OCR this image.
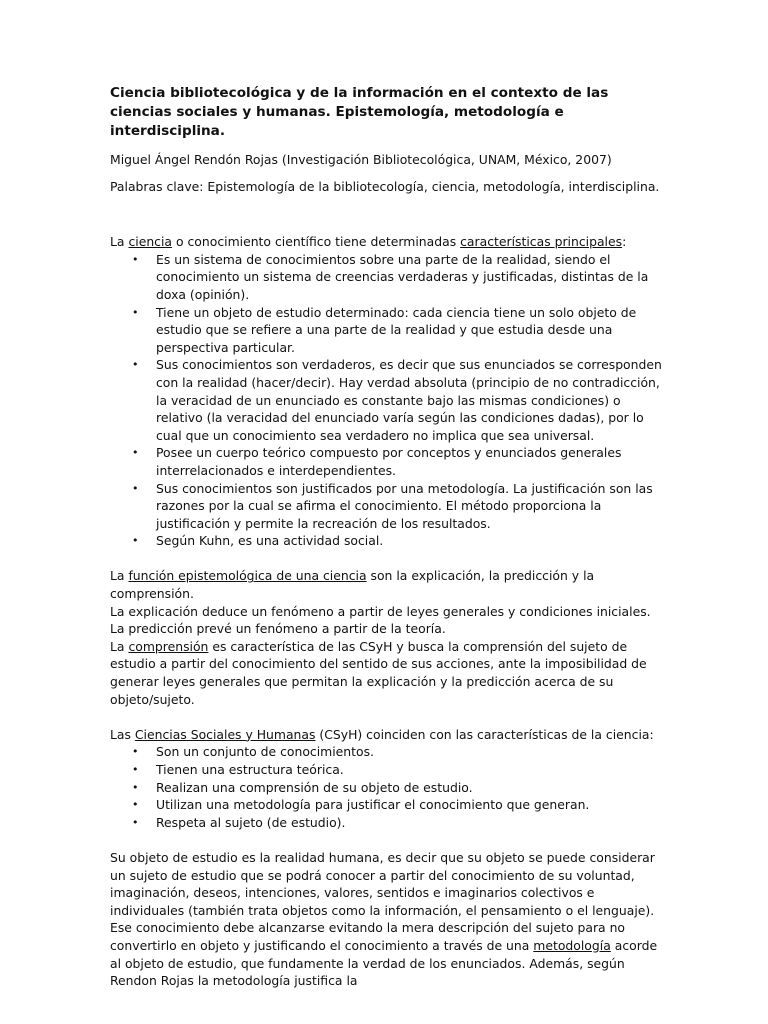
Ciencia bibliotecológica y de la información en el contexto de las ciencias sociales y humanas. Epistemología, metodología e interdisciplina.

Miguel Ángel Rendón Rojas (Investigación Bibliotecológica, UNAM, México, 2007)

Palabras clave: Epistemología de la bibliotecología, ciencia, metodología, interdisciplina.

La ciencia o conocimiento científico tiene determinadas características principales:

• Es un sistema de conocimientos sobre una parte de la realidad, siendo el conocimiento un sistema de creencias verdaderas y justificadas, distintas de la doxa (opinión).
• Tiene un objeto de estudio determinado: cada ciencia tiene un solo objeto de estudio que se refiere a una parte de la realidad y que estudia desde una perspectiva particular.
• Sus conocimientos son verdaderos, es decir que sus enunciados se corresponden con la realidad (hacer/decir). Hay verdad absoluta (principio de no contradicción, la veracidad de un enunciado es constante bajo las mismas condiciones) o relativo (la veracidad del enunciado varía según las condiciones dadas), por lo cual que un conocimiento sea verdadero no implica que sea universal.
• Posee un cuerpo teórico compuesto por conceptos y enunciados generales interrelacionados e interdependientes.
• Sus conocimientos son justificados por una metodología. La justificación son las razones por la cual se afirma el conocimiento. El método proporciona la justificación y permite la recreación de los resultados.
• Según Kuhn, es una actividad social.

La función epistemológica de una ciencia son la explicación, la predicción y la comprensión.

La explicación deduce un fenómeno a partir de leyes generales y condiciones iniciales.

La predicción prevé un fenómeno a partir de la teoría.

La comprensión es característica de las CSyH y busca la comprensión del sujeto de estudio a partir del conocimiento del sentido de sus acciones, ante la imposibilidad de generar leyes generales que permitan la explicación y la predicción acerca de su objeto/sujeto.

Las Ciencias Sociales y Humanas (CSyH) coinciden con las características de la ciencia:

• Son un conjunto de conocimientos.
• Tienen una estructura teórica.
• Realizan una comprensión de su objeto de estudio.
• Utilizan una metodología para justificar el conocimiento que generan.
• Respeta al sujeto (de estudio).

Su objeto de estudio es la realidad humana, es decir que su objeto se puede considerar un sujeto de estudio que se podrá conocer a partir del conocimiento de su voluntad, imaginación, deseos, intenciones, valores, sentidos e imaginarios colectivos e individuales (también trata objetos como la información, el pensamiento o el lenguaje). Ese conocimiento debe alcanzarse evitando la mera descripción del sujeto para no convertirlo en objeto y justificando el conocimiento a través de una metodología acorde al objeto de estudio, que fundamente la verdad de los enunciados. Además, según Rendon Rojas la metodología justifica la
